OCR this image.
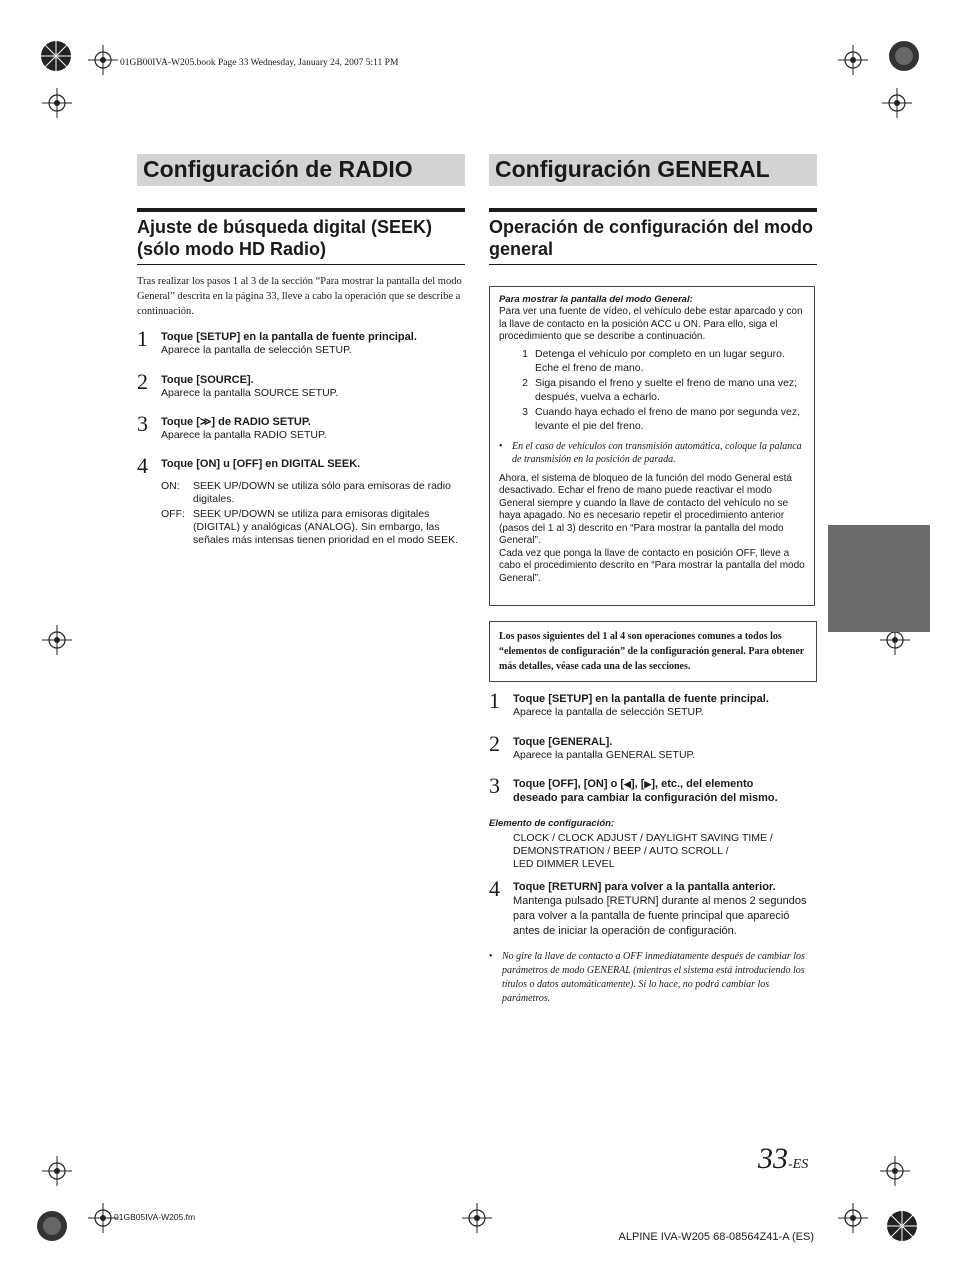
01GB00IVA-W205.book Page 33 Wednesday, January 24, 2007 5:11 PM
Configuración de RADIO
Ajuste de búsqueda digital (SEEK) (sólo modo HD Radio)
Tras realizar los pasos 1 al 3 de la sección “Para mostrar la pantalla del modo General” descrita en la página 33, lleve a cabo la operación que se describe a continuación.
1 Toque [SETUP] en la pantalla de fuente principal.
Aparece la pantalla de selección SETUP.
2 Toque [SOURCE].
Aparece la pantalla SOURCE SETUP.
3 Toque [≫] de RADIO SETUP.
Aparece la pantalla RADIO SETUP.
4 Toque [ON] u [OFF] en DIGITAL SEEK.
ON:	SEEK UP/DOWN se utiliza sólo para emisoras de radio digitales.
OFF: SEEK UP/DOWN se utiliza para emisoras digitales (DIGITAL) y analógicas (ANALOG). Sin embargo, las señales más intensas tienen prioridad en el modo SEEK.
Configuración GENERAL
Operación de configuración del modo general
Para mostrar la pantalla del modo General:
Para ver una fuente de vídeo, el vehículo debe estar aparcado y con la llave de contacto en la posición ACC u ON. Para ello, siga el procedimiento que se describe a continuación.
1 Detenga el vehículo por completo en un lugar seguro. Eche el freno de mano.
2 Siga pisando el freno y suelte el freno de mano una vez; después, vuelva a echarlo.
3 Cuando haya echado el freno de mano por segunda vez, levante el pie del freno.
• En el caso de vehículos con transmisión automática, coloque la palanca de transmisión en la posición de parada.
Ahora, el sistema de bloqueo de la función del modo General está desactivado. Echar el freno de mano puede reactivar el modo General siempre y cuando la llave de contacto del vehículo no se haya apagado. No es necesario repetir el procedimiento anterior (pasos del 1 al 3) descrito en “Para mostrar la pantalla del modo General”.
Cada vez que ponga la llave de contacto en posición OFF, lleve a cabo el procedimiento descrito en “Para mostrar la pantalla del modo General”.
Los pasos siguientes del 1 al 4 son operaciones comunes a todos los “elementos de configuración” de la configuración general. Para obtener más detalles, véase cada una de las secciones.
1 Toque [SETUP] en la pantalla de fuente principal.
Aparece la pantalla de selección SETUP.
2 Toque [GENERAL].
Aparece la pantalla GENERAL SETUP.
3 Toque [OFF], [ON] o [◀], [▶], etc., del elemento
deseado para cambiar la configuración del mismo.
Elemento de configuración:
CLOCK / CLOCK ADJUST / DAYLIGHT SAVING TIME /
DEMONSTRATION / BEEP / AUTO SCROLL /
LED DIMMER LEVEL
4 Toque [RETURN] para volver a la pantalla anterior.
Mantenga pulsado [RETURN] durante al menos 2 segundos para volver a la pantalla de fuente principal que apareció antes de iniciar la operación de configuración.
• No gire la llave de contacto a OFF inmediatamente después de cambiar los parámetros de modo GENERAL (mientras el sistema está introduciendo los títulos o datos automáticamente). Si lo hace, no podrá cambiar los parámetros.
33-ES
01GB05IVA-W205.fm
ALPINE IVA-W205 68-08564Z41-A (ES)
